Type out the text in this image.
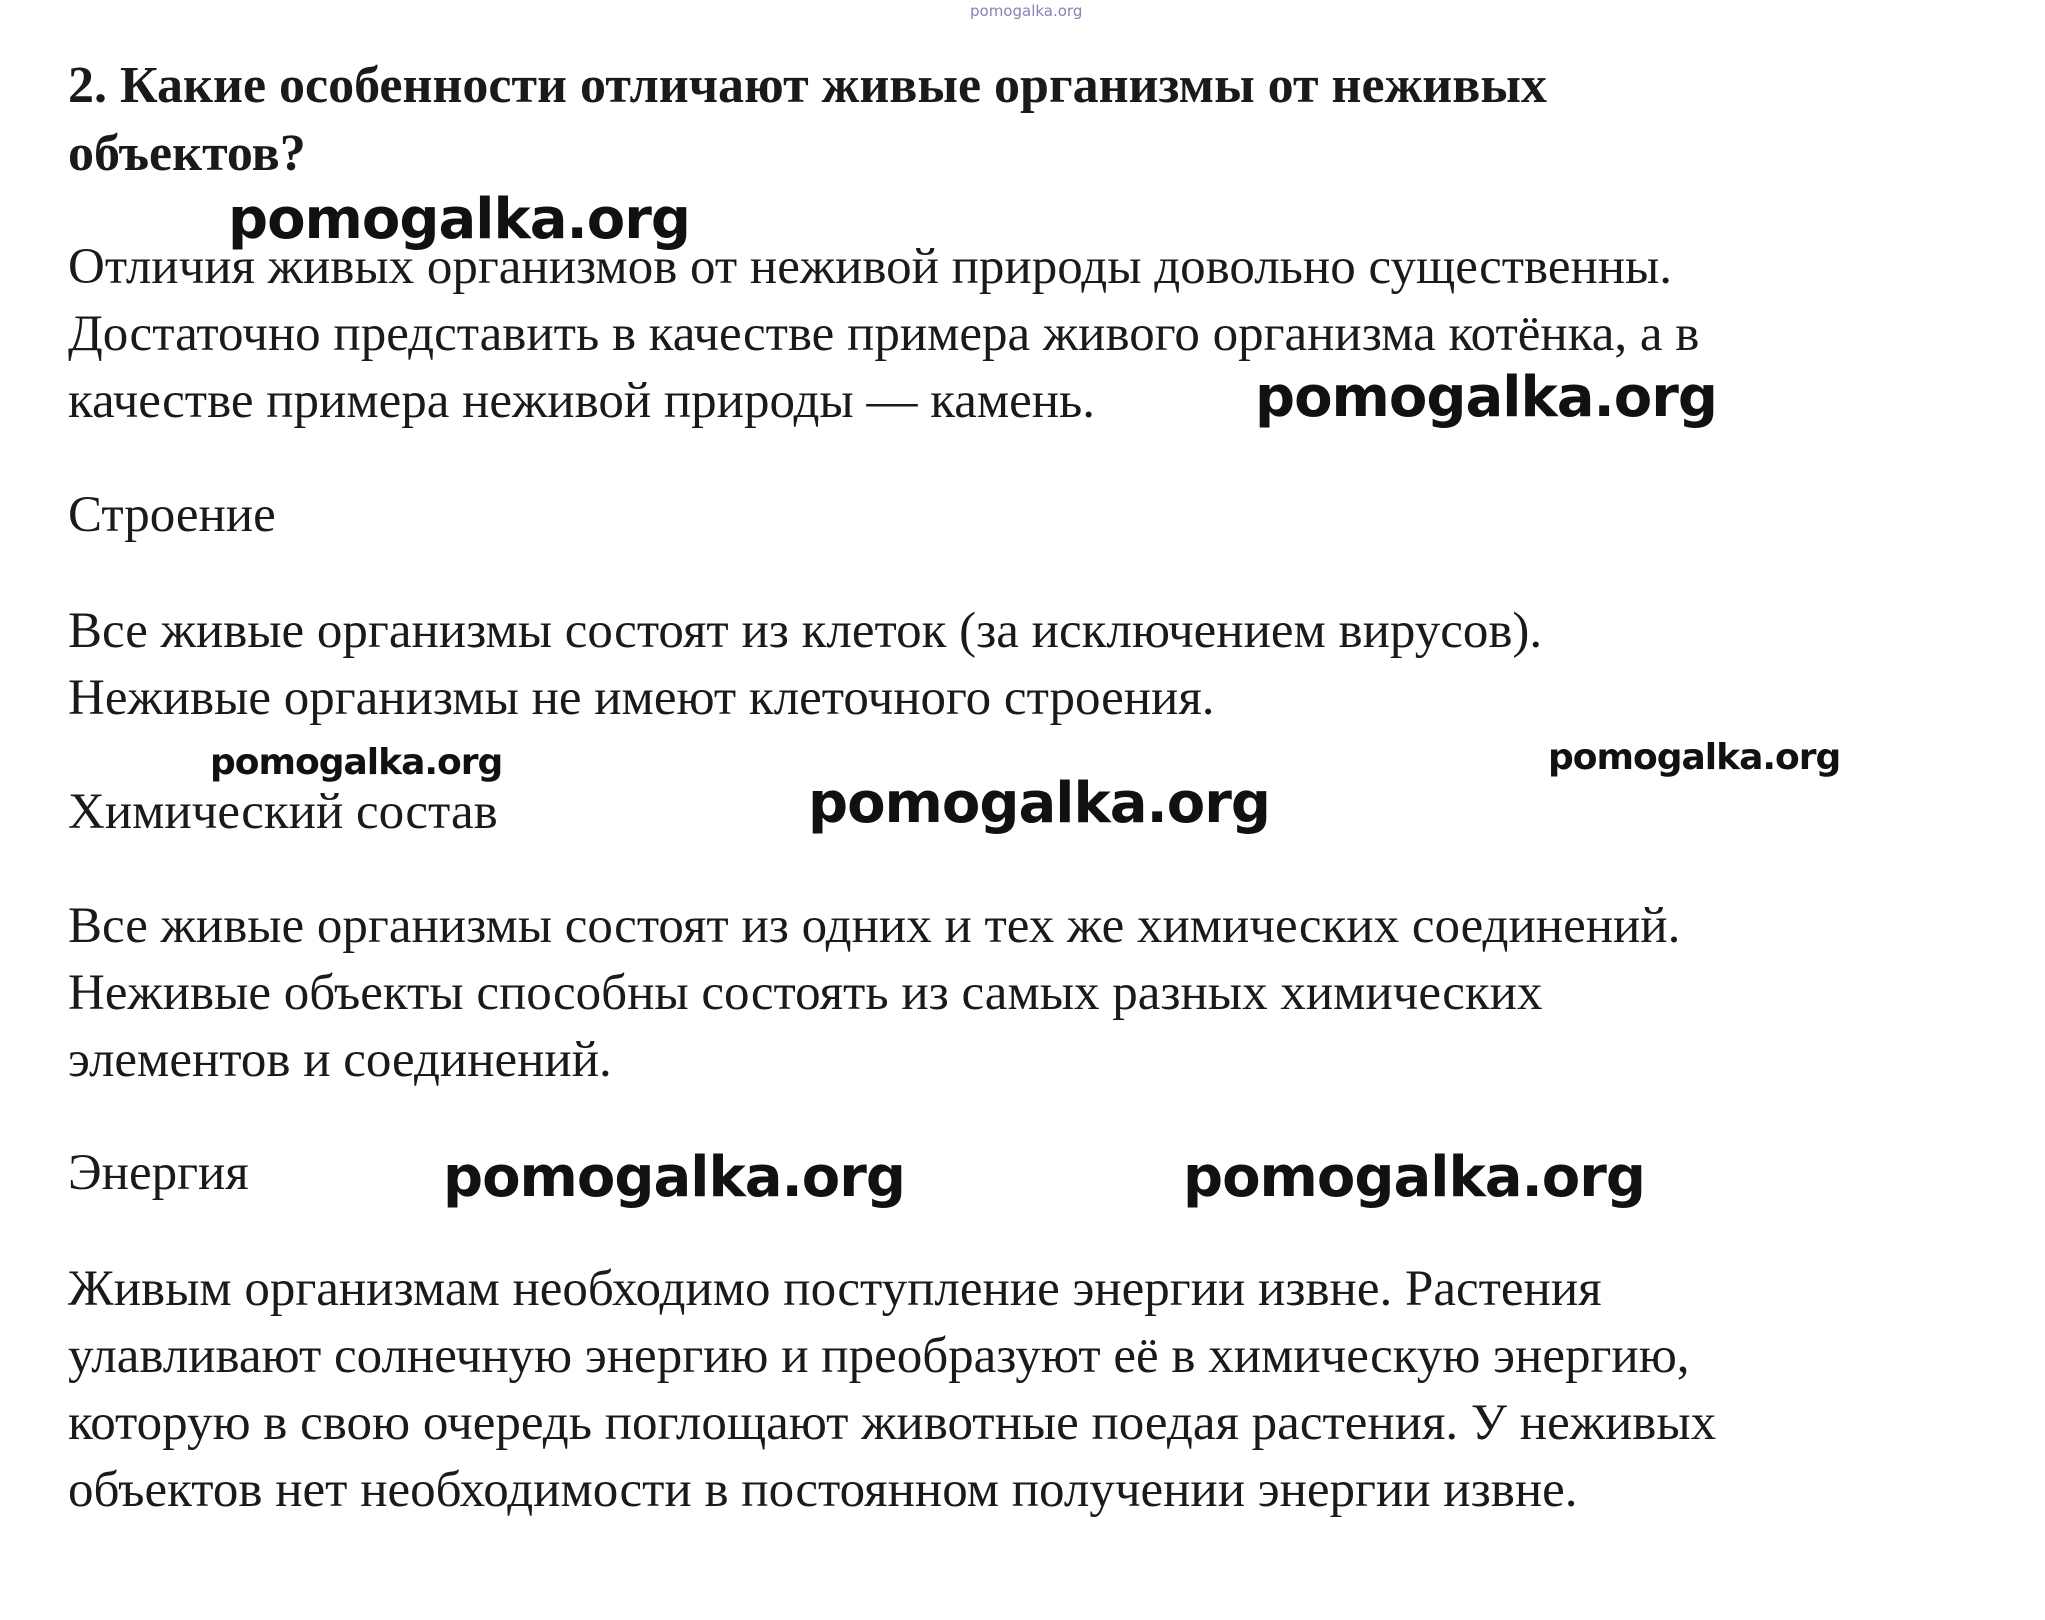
pomogalka.org
2. Какие особенности отличают живые организмы от неживых
объектов?
pomogalka.org

Отличия живых организмов от неживой природы довольно существенны.
Достаточно представить в качестве примера живого организма котёнка, а в
качестве примера неживой природы — камень.	pomogalka.org
Строение

Все живые организмы состоят из клеток (за исключением вирусов).
Неживые организмы не имеют клеточного строения.

pomogalka.org	pomogalka.org
Химический состав	pomogalka.org

Все живые организмы состоят из одних и тех же химических соединений.
Неживые объекты способны состоять из самых разных химических
элементов и соединений.

Энергия	pomogalka.org	pomogalka.org

Живым организмам необходимо поступление энергии извне. Растения
улавливают солнечную энергию и преобразуют её в химическую энергию,
которую в свою очередь поглощают животные поедая растения. У неживых
объектов нет необходимости в постоянном получении энергии извне.
